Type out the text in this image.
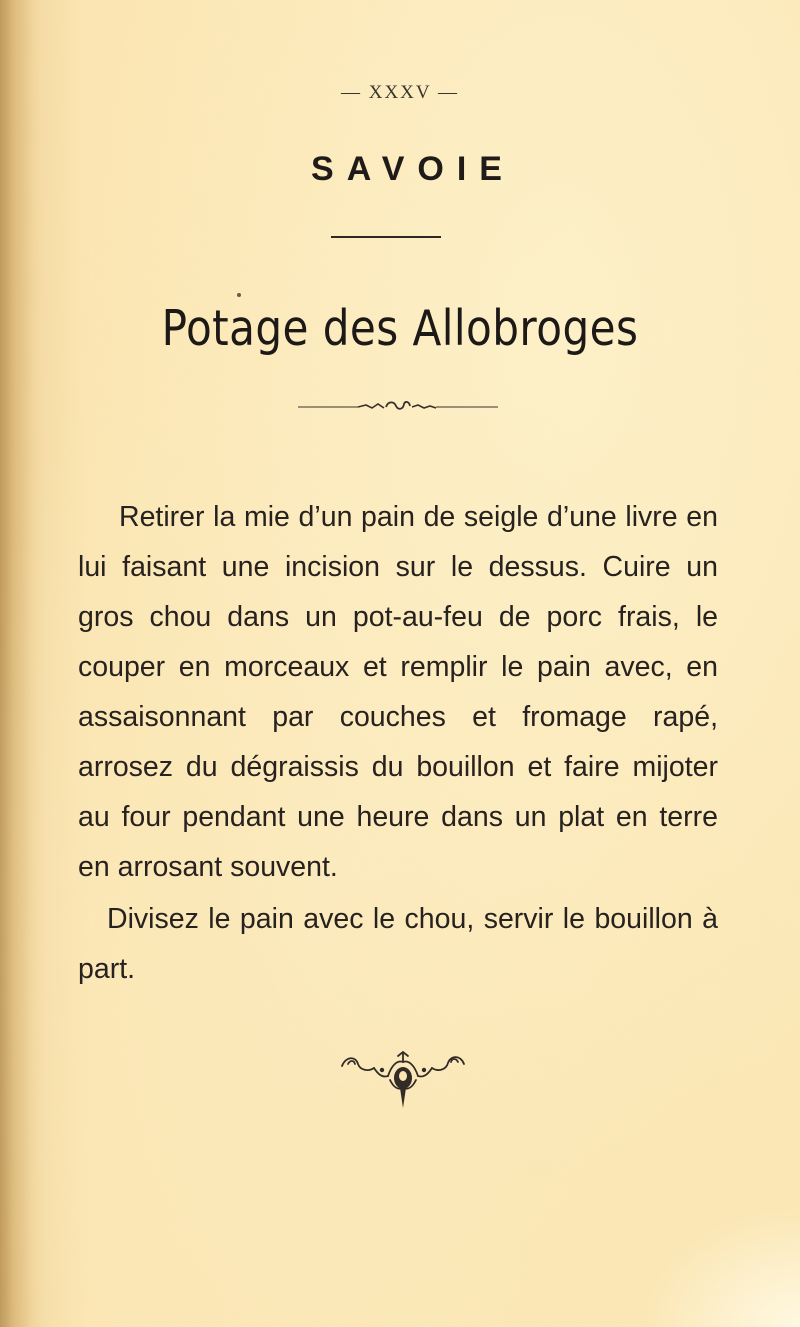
— XXXV —
SAVOIE
Potage des Allobroges

Retirer la mie d’un pain de seigle d’une livre en lui faisant une incision sur le dessus. Cuire un gros chou dans un pot-au-feu de porc frais, le couper en morceaux et remplir le pain avec, en assaisonnant par couches et fromage rapé, arrosez du dégraissis du bouillon et faire mijoter au four pendant une heure dans un plat en terre en arrosant souvent.

Divisez le pain avec le chou, servir le bouillon à part.
